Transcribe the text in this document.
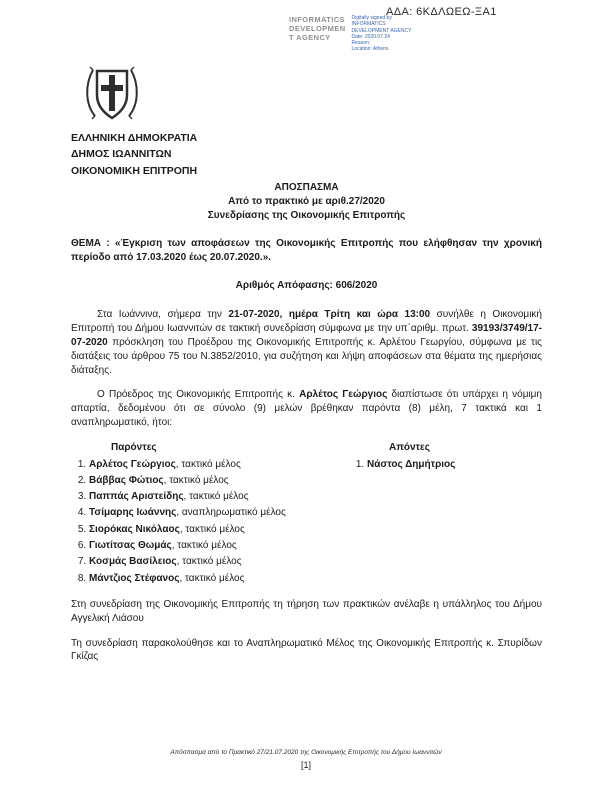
ΑΔΑ: 6ΚΔΛΩΕΩ-ΞΑ1
INFORMATICS
DEVELOPMEN
T AGENCY
Digitally signed by
INFORMATICS
DEVELOPMENT AGENCY
Date: 2020.07.24
Reason:
Location: Athens
ΕΛΛΗΝΙΚΗ ΔΗΜΟΚΡΑΤΙΑ
ΔΗΜΟΣ ΙΩΑΝΝΙΤΩΝ
ΟΙΚΟΝΟΜΙΚΗ ΕΠΙΤΡΟΠΗ
ΑΠΟΣΠΑΣΜΑ
Από το πρακτικό με αριθ.27/2020
Συνεδρίασης της Οικονομικής Επιτροπής

ΘΕΜΑ : «Έγκριση των αποφάσεων της Οικονομικής Επιτροπής που ελήφθησαν την χρονική περίοδο από 17.03.2020 έως 20.07.2020.».

Αριθμός Απόφασης: 606/2020

Στα Ιωάννινα, σήμερα την 21-07-2020, ημέρα Τρίτη και ώρα 13:00 συνήλθε η Οικονομική Επιτροπή του Δήμου Ιωαννιτών σε τακτική συνεδρίαση σύμφωνα με την υπ΄αριθμ. πρωτ. 39193/3749/17-07-2020 πρόσκληση του Προέδρου της Οικονομικής Επιτροπής κ. Αρλέτου Γεωργίου, σύμφωνα με τις διατάξεις του άρθρου 75 του Ν.3852/2010, για συζήτηση και λήψη αποφάσεων στα θέματα της ημερήσιας διάταξης.

Ο Πρόεδρος της Οικονομικής Επιτροπής κ. Αρλέτος Γεώργιος διαπίστωσε ότι υπάρχει η νόμιμη απαρτία, δεδομένου ότι σε σύνολο (9) μελών βρέθηκαν παρόντα (8) μέλη, 7 τακτικά και 1 αναπληρωματικό, ήτοι:

Παρόντες
1. Αρλέτος Γεώργιος, τακτικό μέλος
2. Βάββας Φώτιος, τακτικό μέλος
3. Παππάς Αριστείδης, τακτικό μέλος
4. Τσίμαρης Ιωάννης, αναπληρωματικό μέλος
5. Σιορόκας Νικόλαος, τακτικό μέλος
6. Γιωτίτσας Θωμάς, τακτικό μέλος
7. Κοσμάς Βασίλειος, τακτικό μέλος
8. Μάντζιος Στέφανος, τακτικό μέλος
Απόντες
1. Νάστος Δημήτριος

Στη συνεδρίαση της Οικονομικής Επιτροπής τη τήρηση των πρακτικών ανέλαβε η υπάλληλος του Δήμου Αγγελική Λιάσου

Τη συνεδρίαση παρακολούθησε και το Αναπληρωματικό Μέλος της Οικονομικής Επιτροπής κ. Σπυρίδων Γκίζας

Απόσπασμα από το Πρακτικό 27/21.07.2020 της Οικονομικής Επιτροπής του Δήμου Ιωαννιτών
[1]
